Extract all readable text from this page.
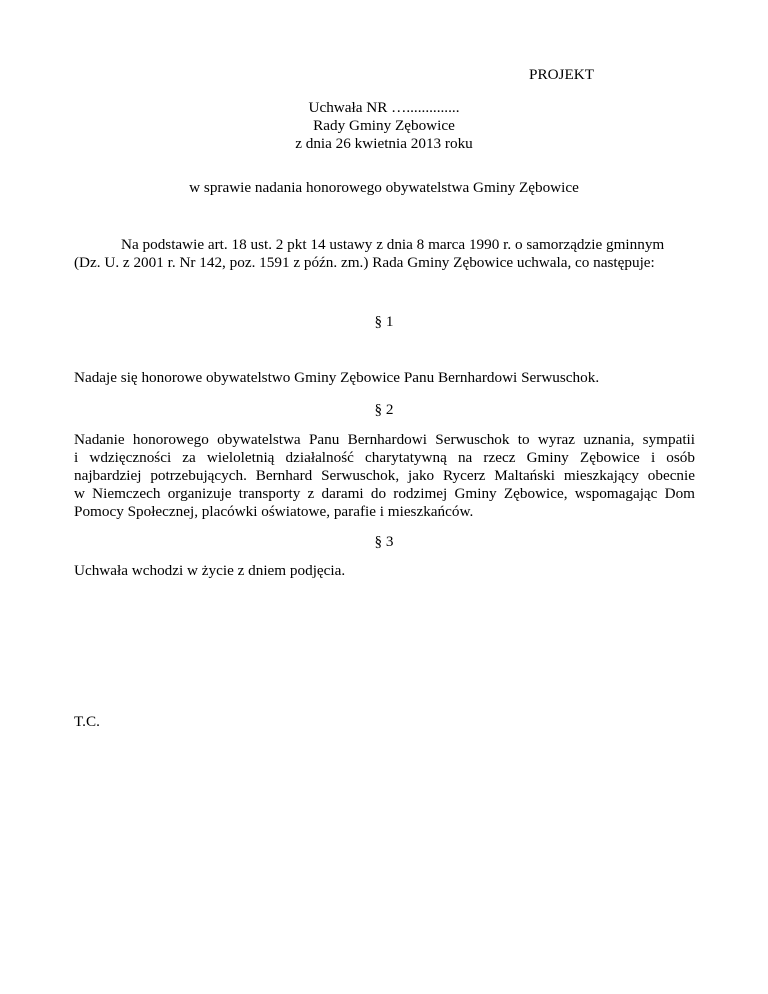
PROJEKT
Uchwała NR …..............
Rady Gminy Zębowice
z dnia 26 kwietnia 2013 roku
w sprawie nadania honorowego obywatelstwa Gminy Zębowice
Na podstawie art. 18 ust. 2 pkt 14 ustawy z dnia 8 marca 1990 r. o samorządzie gminnym
(Dz. U. z 2001 r. Nr 142, poz. 1591 z późn. zm.) Rada Gminy Zębowice uchwala, co następuje:
§ 1
Nadaje się honorowe obywatelstwo Gminy Zębowice Panu Bernhardowi Serwuschok.
§ 2
Nadanie honorowego obywatelstwa Panu Bernhardowi Serwuschok to wyraz uznania, sympatii
i wdzięczności za wieloletnią działalność charytatywną na rzecz Gminy Zębowice i osób
najbardziej potrzebujących. Bernhard Serwuschok, jako Rycerz Maltański mieszkający obecnie
w Niemczech organizuje transporty z darami do rodzimej Gminy Zębowice, wspomagając Dom
Pomocy Społecznej, placówki oświatowe, parafie i mieszkańców.
§ 3
Uchwała wchodzi w życie z dniem podjęcia.
T.C.
